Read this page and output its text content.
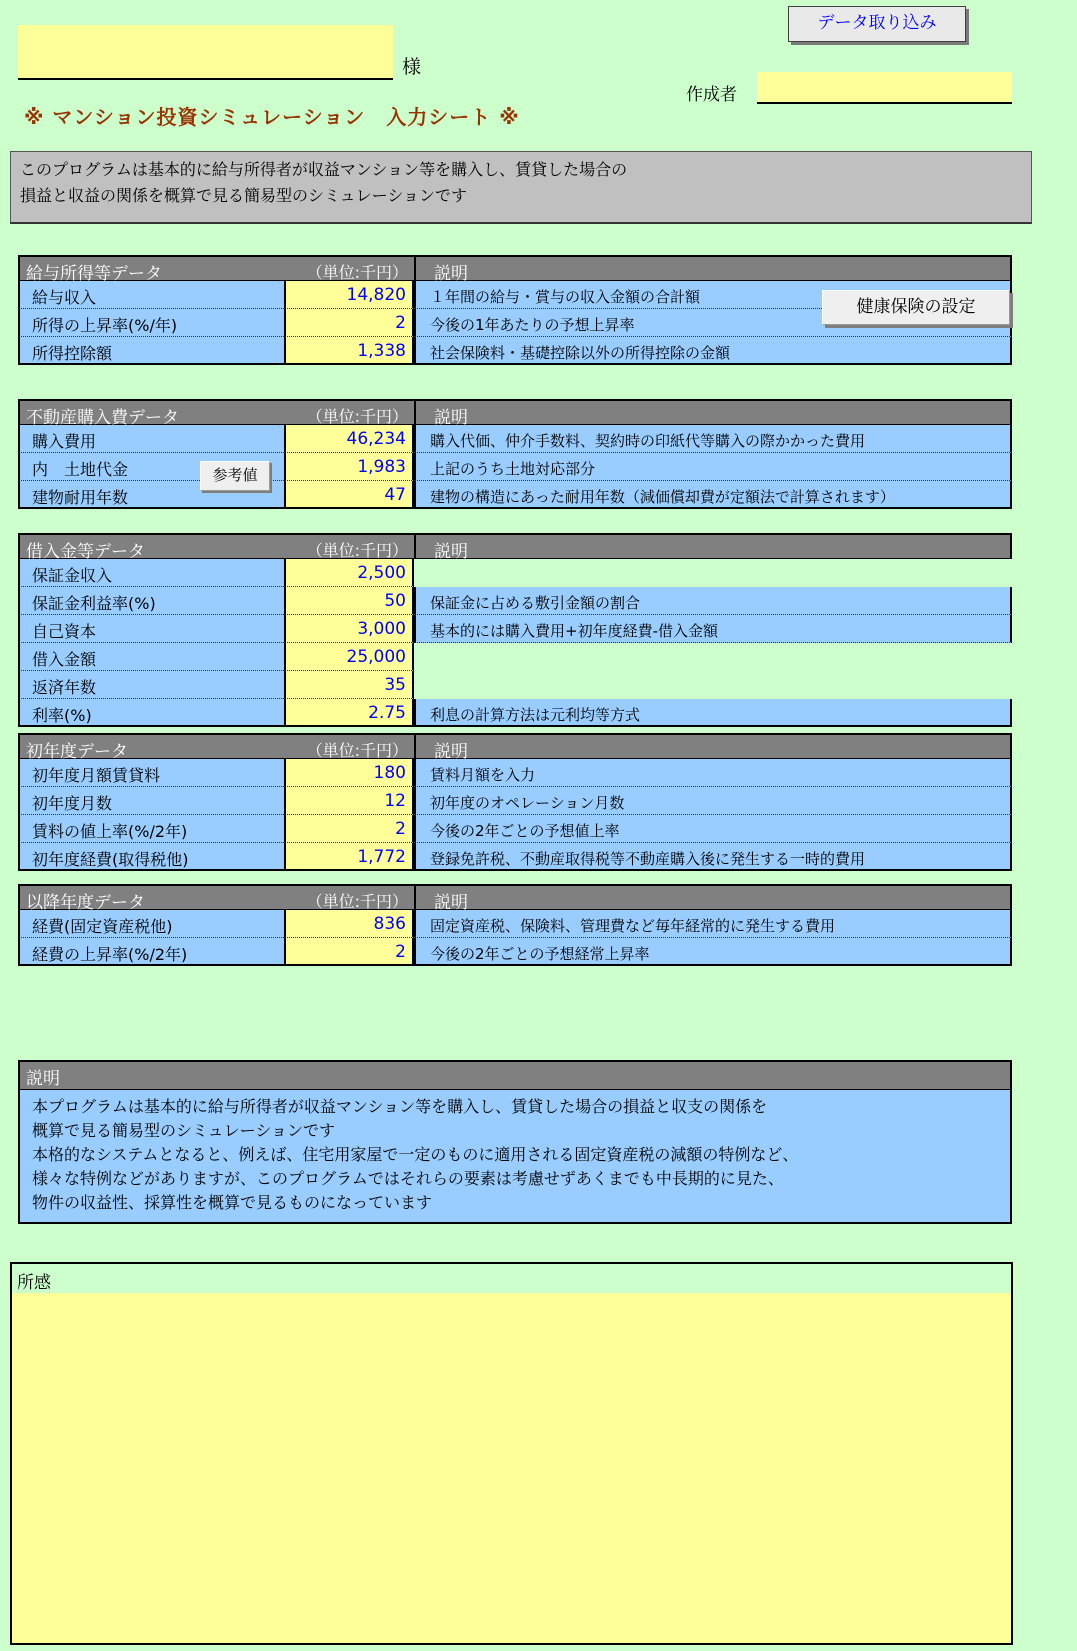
様
データ取り込み
作成者
※ マンション投資シミュレーション　入力シート ※
このプログラムは基本的に給与所得者が収益マンション等を購入し、賃貸した場合の
損益と収益の関係を概算で見る簡易型のシミュレーションです
給与所得等データ	（単位:千円） 説明
給与収入	14,820	１年間の給与・賞与の収入金額の合計額
所得の上昇率(%/年)	2	今後の1年あたりの予想上昇率
所得控除額	1,338	社会保険料・基礎控除以外の所得控除の金額
不動産購入費データ	（単位:千円） 説明
購入費用	46,234	購入代価、仲介手数料、契約時の印紙代等購入の際かかった費用
内　土地代金	1,983	上記のうち土地対応部分
建物耐用年数	47	建物の構造にあった耐用年数（減価償却費が定額法で計算されます）
借入金等データ	（単位:千円） 説明
保証金収入	2,500
保証金利益率(%)	50	保証金に占める敷引金額の割合
自己資本	3,000	基本的には購入費用+初年度経費-借入金額
借入金額	25,000
返済年数	35
利率(%)	2.75	利息の計算方法は元利均等方式
初年度データ	（単位:千円） 説明
初年度月額賃貸料	180	賃料月額を入力
初年度月数	12	初年度のオペレーション月数
賃料の値上率(%/2年)	2	今後の2年ごとの予想値上率
初年度経費(取得税他)	1,772	登録免許税、不動産取得税等不動産購入後に発生する一時的費用
以降年度データ	（単位:千円） 説明
経費(固定資産税他)	836	固定資産税、保険料、管理費など毎年経常的に発生する費用
経費の上昇率(%/2年)	2	今後の2年ごとの予想経常上昇率
健康保険の設定
参考値
説明
本プログラムは基本的に給与所得者が収益マンション等を購入し、賃貸した場合の損益と収支の関係を
概算で見る簡易型のシミュレーションです
本格的なシステムとなると、例えば、住宅用家屋で一定のものに適用される固定資産税の減額の特例など、
様々な特例などがありますが、このプログラムではそれらの要素は考慮せずあくまでも中長期的に見た、
物件の収益性、採算性を概算で見るものになっています
所感
